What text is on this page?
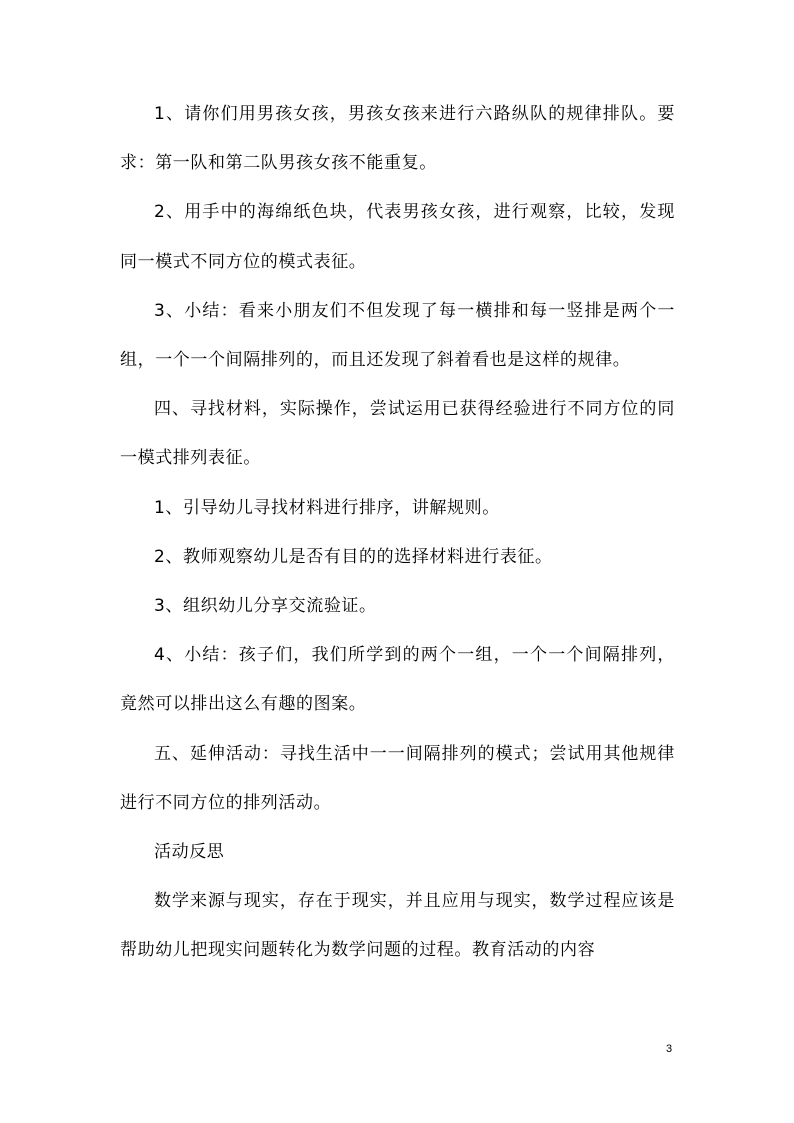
1、请你们用男孩女孩，男孩女孩来进行六路纵队的规律排队。要求：第一队和第二队男孩女孩不能重复。

2、用手中的海绵纸色块，代表男孩女孩，进行观察，比较，发现同一模式不同方位的模式表征。

3、小结：看来小朋友们不但发现了每一横排和每一竖排是两个一组，一个一个间隔排列的，而且还发现了斜着看也是这样的规律。

四、寻找材料，实际操作，尝试运用已获得经验进行不同方位的同一模式排列表征。

1、引导幼儿寻找材料进行排序，讲解规则。

2、教师观察幼儿是否有目的的选择材料进行表征。

3、组织幼儿分享交流验证。

4、小结：孩子们，我们所学到的两个一组，一个一个间隔排列，竟然可以排出这么有趣的图案。

五、延伸活动：寻找生活中一一间隔排列的模式；尝试用其他规律进行不同方位的排列活动。

活动反思

数学来源与现实，存在于现实，并且应用与现实，数学过程应该是帮助幼儿把现实问题转化为数学问题的过程。教育活动的内容

3
